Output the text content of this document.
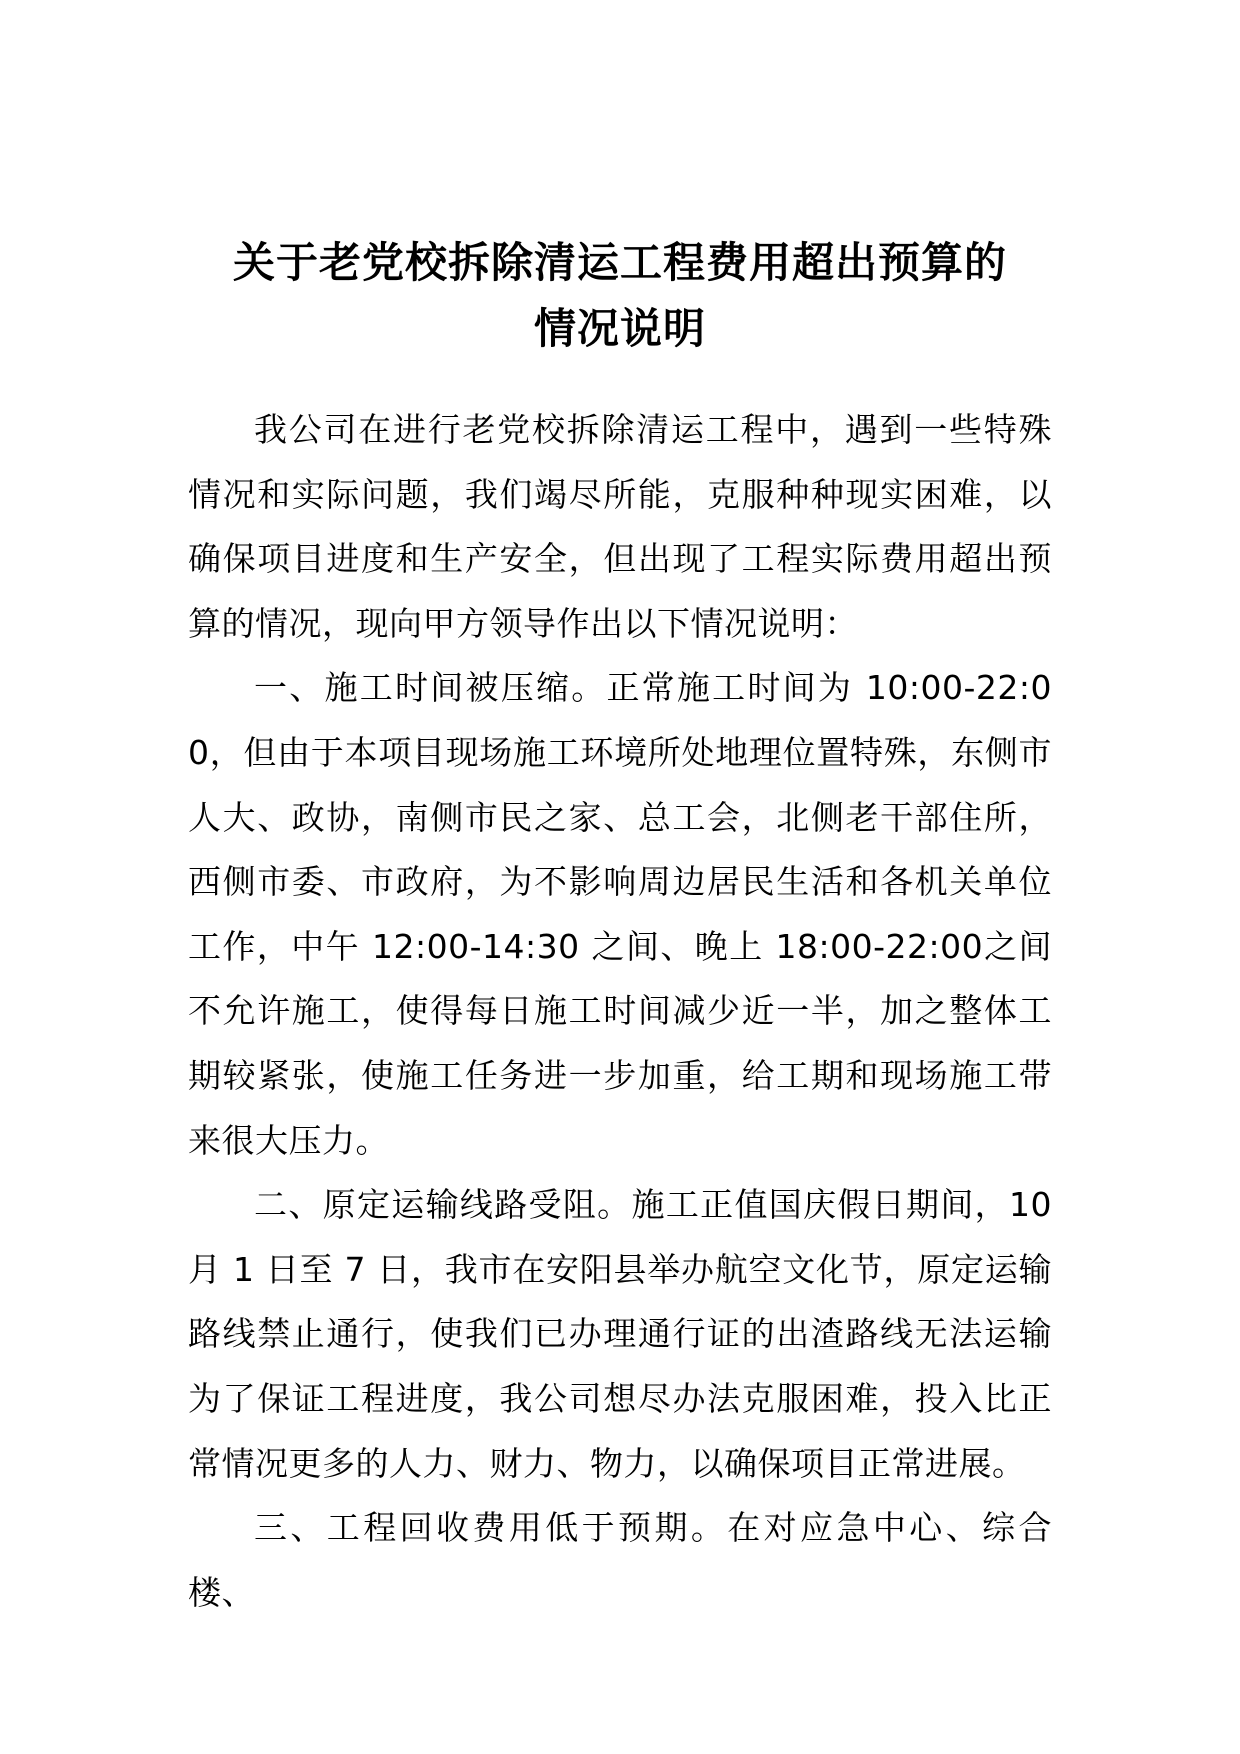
关于老党校拆除清运工程费用超出预算的
情况说明

我公司在进行老党校拆除清运工程中，遇到一些特殊情况和实际问题，我们竭尽所能，克服种种现实困难，以确保项目进度和生产安全，但出现了工程实际费用超出预算的情况，现向甲方领导作出以下情况说明：

一、施工时间被压缩。正常施工时间为 10:00-22:00，但由于本项目现场施工环境所处地理位置特殊，东侧市人大、政协，南侧市民之家、总工会，北侧老干部住所，西侧市委、市政府，为不影响周边居民生活和各机关单位工作，中午 12:00-14:30 之间、晚上 18:00-22:00之间不允许施工，使得每日施工时间减少近一半，加之整体工期较紧张，使施工任务进一步加重，给工期和现场施工带来很大压力。

二、原定运输线路受阻。施工正值国庆假日期间，10 月 1 日至 7 日，我市在安阳县举办航空文化节，原定运输路线禁止通行，使我们已办理通行证的出渣路线无法运输为了保证工程进度，我公司想尽办法克服困难，投入比正常情况更多的人力、财力、物力，以确保项目正常进展。

三、工程回收费用低于预期。在对应急中心、综合楼、
